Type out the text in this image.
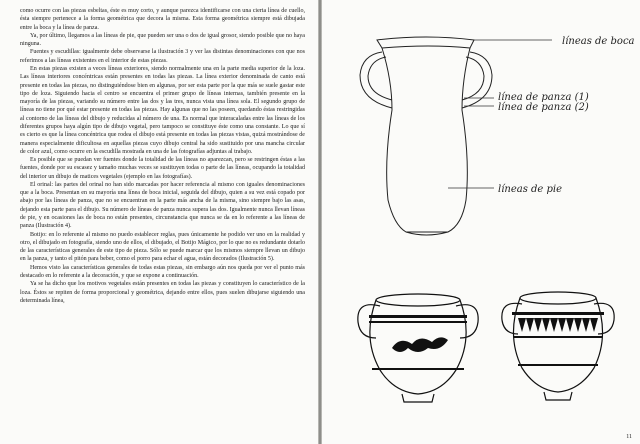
como ocurre con las piezas esbeltas, éste es muy corto, y aunque parezca identificarse con una cierta línea de cuello, ésta siempre pertenece a la forma geométrica que decora la misma. Esta forma geométrica siempre está dibujada entre la boca y la línea de panza.

Ya, por último, llegamos a las líneas de pie, que pueden ser una o dos de igual grosor, siendo posible que no haya ninguna.

Fuentes y escudillas: igualmente debe observarse la ilustración 3 y ver las distintas denominaciones con que nos referimos a las líneas existentes en el interior de estas piezas.

En estas piezas existen a veces líneas exteriores, siendo normalmente una en la parte media superior de la loza. Las líneas interiores concéntricas están presentes en todas las piezas. La línea exterior denominada de canto está presente en todas las piezas, no distinguiéndose bien en algunas, por ser esta parte por la que más se suele gastar este tipo de loza. Siguiendo hacia el centro se encuentra el primer grupo de líneas internas, también presente en la mayoría de las piezas, variando su número entre las dos y las tres, nunca vista una línea sola. El segundo grupo de líneas no tiene por qué estar presente en todas las piezas. Hay algunas que no las poseen, quedando éstas restringidas al contorno de las líneas del dibujo y reducidas al número de una. Es normal que interacaladas entre las líneas de los diferentes grupos haya algún tipo de dibujo vegetal, pero tampoco se constituye éste como una constante. Lo que sí es cierto es que la línea concéntrica que rodea el dibujo está presente en todas las piezas vistas, quizá mostrándose de manera especialmente dificultosa en aquellas piezas cuyo dibujo central ha sido sustituido por una mancha circular de color azul, como ocurre en la escudilla mostrada en una de las fotografías adjuntas al trabajo.

Es posible que se puedan ver fuentes donde la totalidad de las líneas no aparezcan, pero se restringen éstas a las fuentes, donde por su escasez y tamaño muchas veces se sustituyen todas o parte de las líneas, ocupando la totalidad del interior un dibujo de matices vegetales (ejemplo en las fotografías).

El orinal: las partes del orinal no han sido marcadas por hacer referencia al mismo con iguales denominaciones que a la boca. Presentan en su mayoría una línea de boca inicial, seguida del dibujo, quien a su vez está copado por abajo por las líneas de panza, que no se encuentran en la parte más ancha de la misma, sino siempre bajo las asas, dejando esta parte para el dibujo. Su número de líneas de panza nunca supera las dos. Igualmente nunca llevan líneas de pie, y en ocasiones las de boca no están presentes, circunstancia que nunca se da en lo referente a las líneas de panza (Ilustración 4).

Botijo: en lo referente al mismo no puedo establecer reglas, pues únicamente he podido ver uno en la realidad y otro, el dibujado en fotografía, siendo uno de ellos, el dibujado, el Botijo Mágico, por lo que no es redundante dotarlo de las características generales de este tipo de pieza. Sólo se puede marcar que los mismos siempre llevan un dibujo en la panza, y tanto el pitón para beber, como el porro para echar el agua, están decorados (Ilustración 5).

Hemos visto las características generales de todas estas piezas, sin embargo aún nos queda por ver el punto más destacado en lo referente a la decoración, y que se expone a continuación.

Ya se ha dicho que los motivos vegetales están presentes en todas las piezas y constituyen lo característico de la loza. Éstos se repiten de forma proporcional y geométrica, dejando entre ellos, pues suelen dibujarse siguiendo una determinada línea,

líneas de boca
línea de panza (1)
línea de panza (2)
líneas de pie
11
